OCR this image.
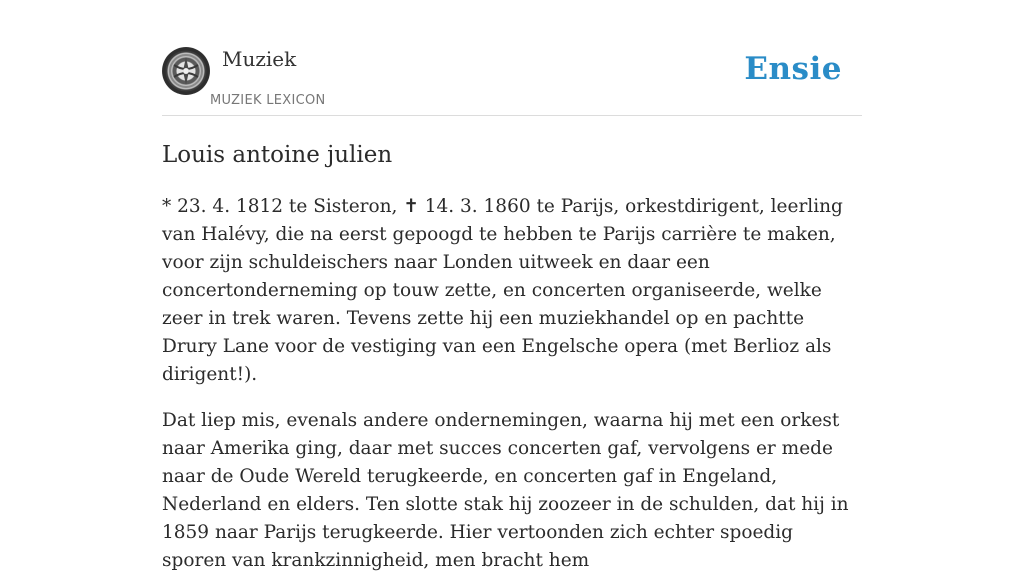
Muziek
MUZIEK LEXICON
Ensie
Louis antoine julien

* 23. 4. 1812 te Sisteron, ✝ 14. 3. 1860 te Parijs, orkestdirigent, leerling van Halévy, die na eerst gepoogd te hebben te Parijs carrière te maken, voor zijn schuldeischers naar Londen uitweek en daar een concertonderneming op touw zette, en concerten organiseerde, welke zeer in trek waren. Tevens zette hij een muziekhandel op en pachtte Drury Lane voor de vestiging van een Engelsche opera (met Berlioz als dirigent!).

Dat liep mis, evenals andere ondernemingen, waarna hij met een orkest naar Amerika ging, daar met succes concerten gaf, vervolgens er mede naar de Oude Wereld terugkeerde, en concerten gaf in Engeland, Nederland en elders. Ten slotte stak hij zoozeer in de schulden, dat hij in 1859 naar Parijs terugkeerde. Hier vertoonden zich echter spoedig sporen van krankzinnigheid, men bracht hem
